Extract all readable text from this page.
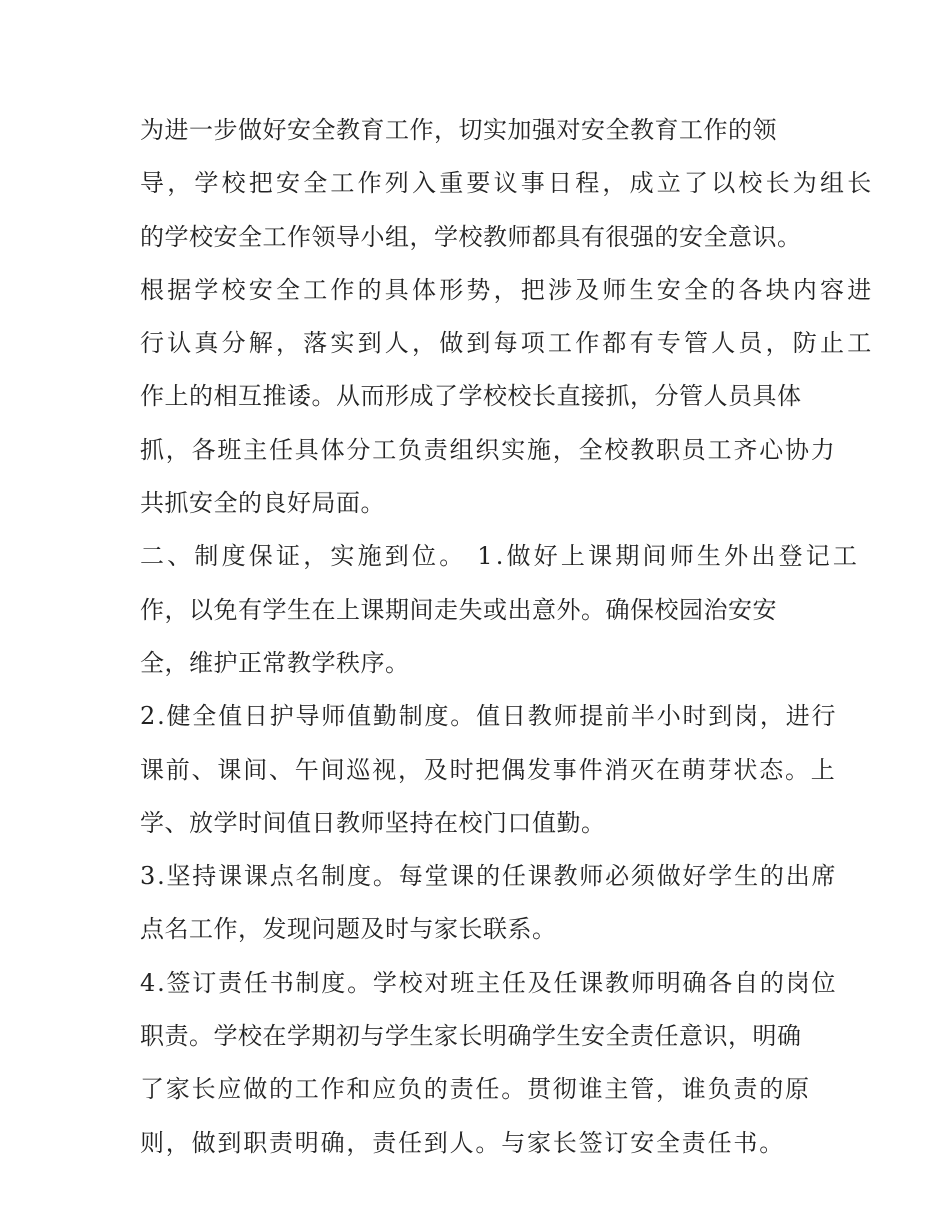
为进一步做好安全教育工作，切实加强对安全教育工作的领
导，学校把安全工作列入重要议事日程，成立了以校长为组长
的学校安全工作领导小组，学校教师都具有很强的安全意识。
根据学校安全工作的具体形势，把涉及师生安全的各块内容进
行认真分解，落实到人，做到每项工作都有专管人员，防止工
作上的相互推诿。从而形成了学校校长直接抓，分管人员具体
抓，各班主任具体分工负责组织实施，全校教职员工齐心协力
共抓安全的良好局面。
二、制度保证，实施到位。 1.做好上课期间师生外出登记工
作，以免有学生在上课期间走失或出意外。确保校园治安安
全，维护正常教学秩序。
2.健全值日护导师值勤制度。值日教师提前半小时到岗，进行
课前、课间、午间巡视，及时把偶发事件消灭在萌芽状态。上
学、放学时间值日教师坚持在校门口值勤。
3.坚持课课点名制度。每堂课的任课教师必须做好学生的出席
点名工作，发现问题及时与家长联系。
4.签订责任书制度。学校对班主任及任课教师明确各自的岗位
职责。学校在学期初与学生家长明确学生安全责任意识，明确
了家长应做的工作和应负的责任。贯彻谁主管，谁负责的原
则，做到职责明确，责任到人。与家长签订安全责任书。
